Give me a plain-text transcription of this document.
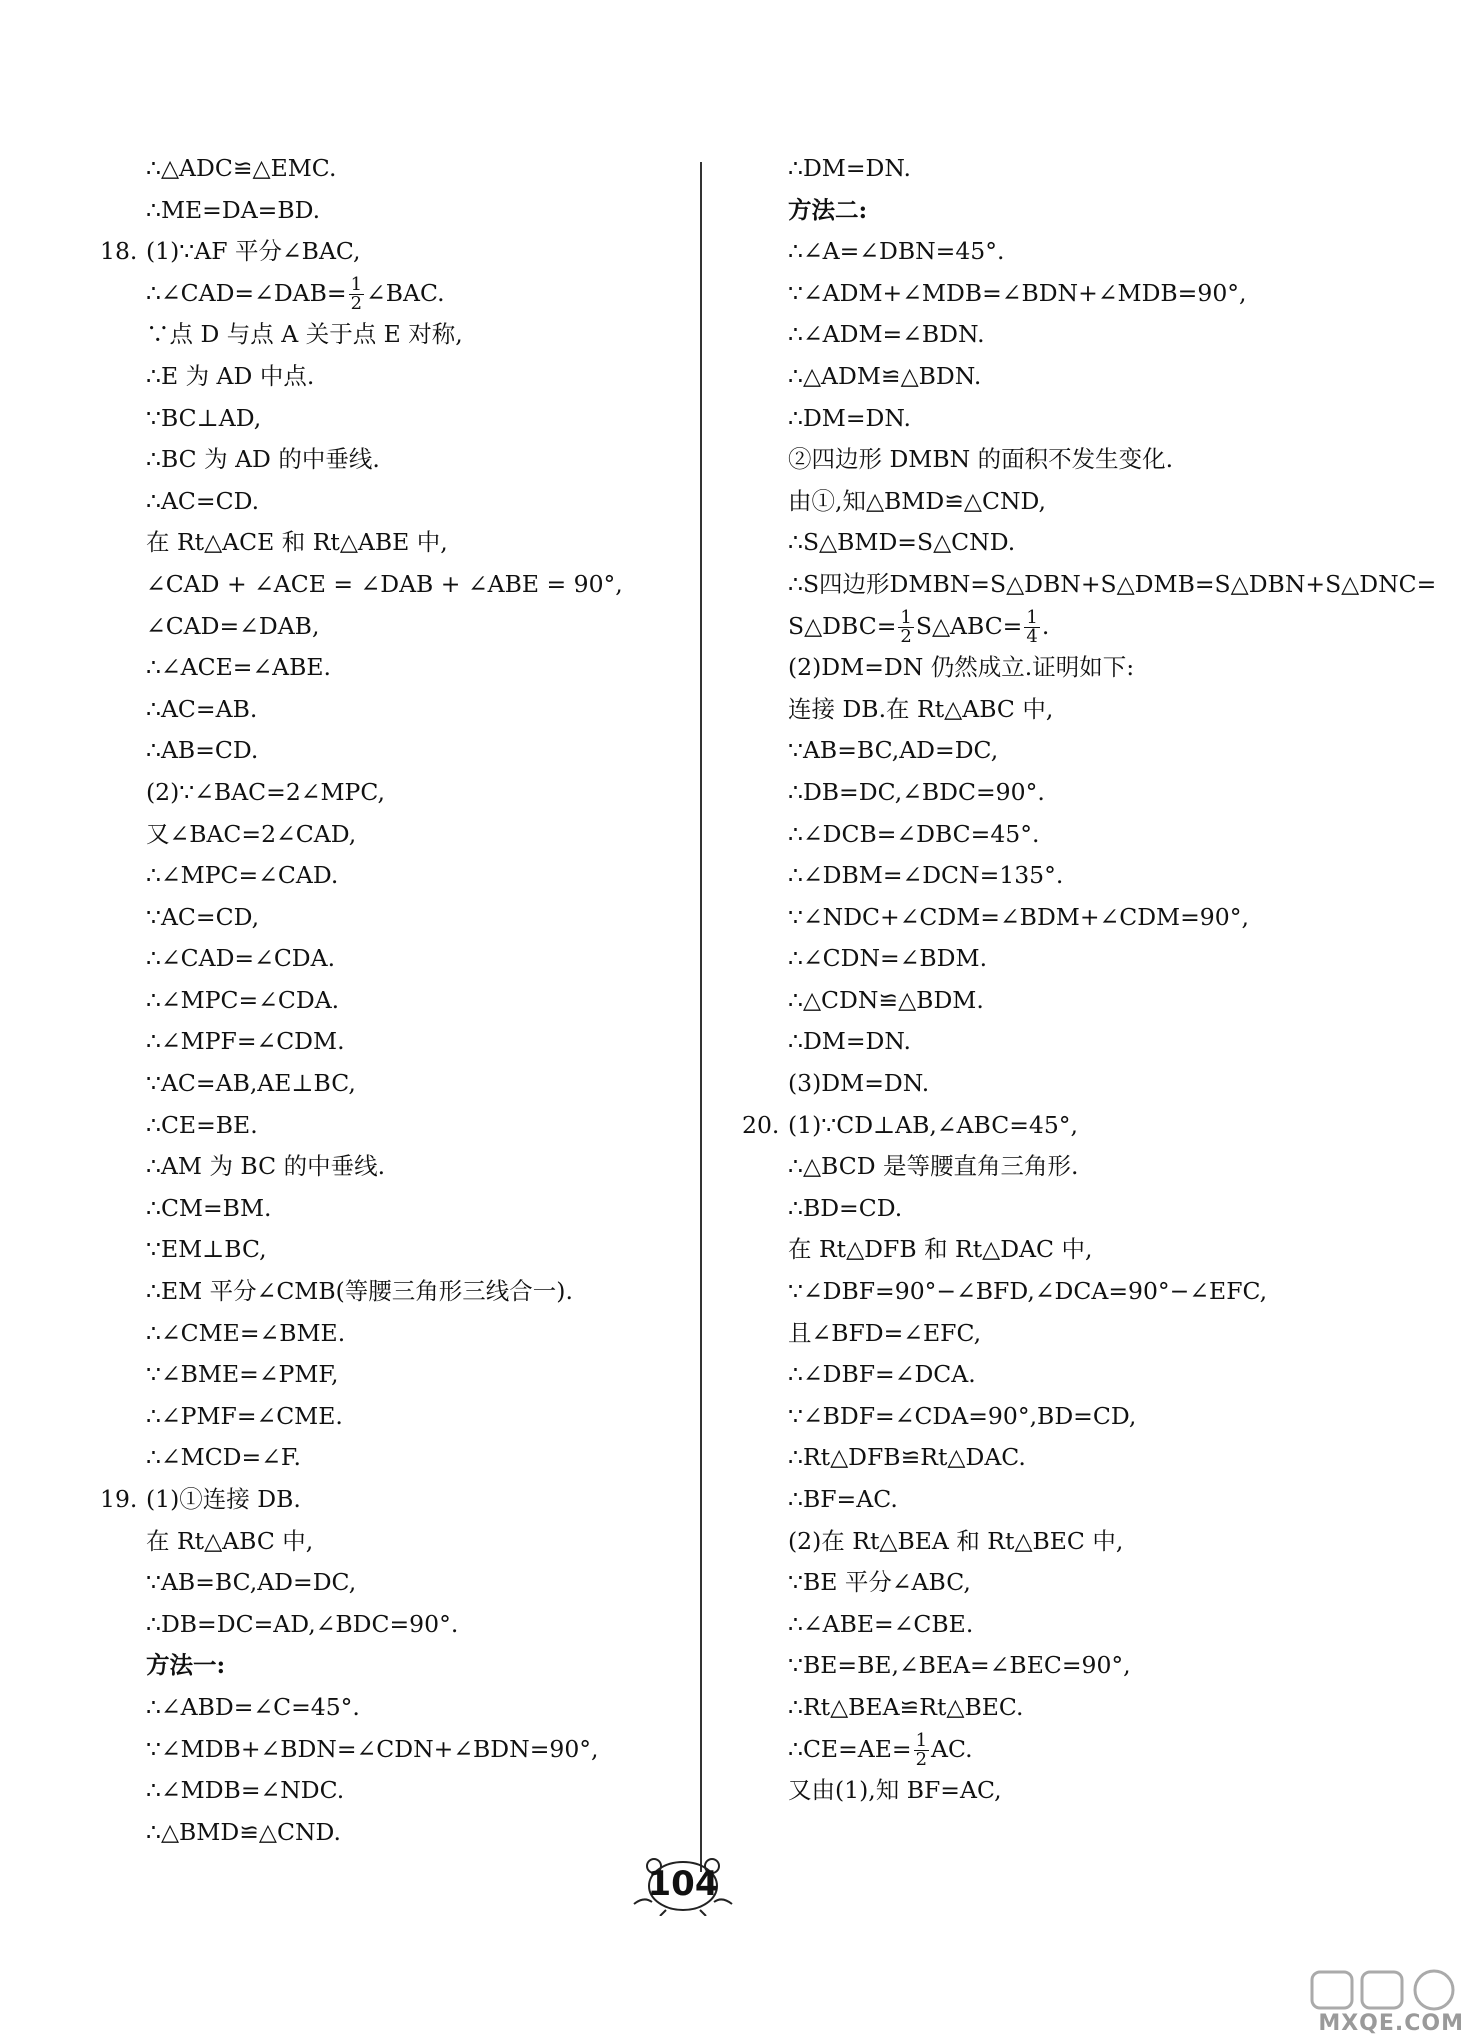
∴△ADC≌△EMC.
∴ME=DA=BD.
18. (1)∵AF 平分∠BAC,
∴∠CAD=∠DAB= $\frac{1}{2}$ ∠BAC.
∵点 D 与点 A 关于点 E 对称,
∴E 为 AD 中点.
∵BC⊥AD,
∴BC 为 AD 的中垂线.
∴AC=CD.
在 Rt△ACE 和 Rt△ABE 中,
∠CAD + ∠ACE = ∠DAB + ∠ABE = 90°,
∠CAD=∠DAB,
∴∠ACE=∠ABE.
∴AC=AB.
∴AB=CD.
(2)∵∠BAC=2∠MPC,
又∠BAC=2∠CAD,
∴∠MPC=∠CAD.
∵AC=CD,
∴∠CAD=∠CDA.
∴∠MPC=∠CDA.
∴∠MPF=∠CDM.
∵AC=AB,AE⊥BC,
∴CE=BE.
∴AM 为 BC 的中垂线.
∴CM=BM.
∵EM⊥BC,
∴EM 平分∠CMB(等腰三角形三线合一).
∴∠CME=∠BME.
∵∠BME=∠PMF,
∴∠PMF=∠CME.
∴∠MCD=∠F.
19. (1)①连接 DB.
在 Rt△ABC 中,
∵AB=BC,AD=DC,
∴DB=DC=AD,∠BDC=90°.
方法一:
∴∠ABD=∠C=45°.
∵∠MDB+∠BDN=∠CDN+∠BDN=90°,
∴∠MDB=∠NDC.
∴△BMD≌△CND.
∴DM=DN.
方法二:
∴∠A=∠DBN=45°.
∵∠ADM+∠MDB=∠BDN+∠MDB=90°,
∴∠ADM=∠BDN.
∴△ADM≌△BDN.
∴DM=DN.
②四边形 DMBN 的面积不发生变化.
由①,知△BMD≌△CND,
∴S△BMD=S△CND.
∴S四边形DMBN=S△DBN+S△DMB=S△DBN+S△DNC=
S△DBC= $\frac{1}{2}$ S△ABC= $\frac{1}{4}$ .
(2)DM=DN 仍然成立.证明如下:
连接 DB.在 Rt△ABC 中,
∵AB=BC,AD=DC,
∴DB=DC,∠BDC=90°.
∴∠DCB=∠DBC=45°.
∴∠DBM=∠DCN=135°.
∵∠NDC+∠CDM=∠BDM+∠CDM=90°,
∴∠CDN=∠BDM.
∴△CDN≌△BDM.
∴DM=DN.
(3)DM=DN.
20. (1)∵CD⊥AB,∠ABC=45°,
∴△BCD 是等腰直角三角形.
∴BD=CD.
在 Rt△DFB 和 Rt△DAC 中,
∵∠DBF=90°−∠BFD,∠DCA=90°−∠EFC,
且∠BFD=∠EFC,
∴∠DBF=∠DCA.
∵∠BDF=∠CDA=90°,BD=CD,
∴Rt△DFB≌Rt△DAC.
∴BF=AC.
(2)在 Rt△BEA 和 Rt△BEC 中,
∵BE 平分∠ABC,
∴∠ABE=∠CBE.
∵BE=BE,∠BEA=∠BEC=90°,
∴Rt△BEA≌Rt△BEC.
∴CE=AE= $\frac{1}{2}$ AC.
又由(1),知 BF=AC,
104
MXQE.COM
